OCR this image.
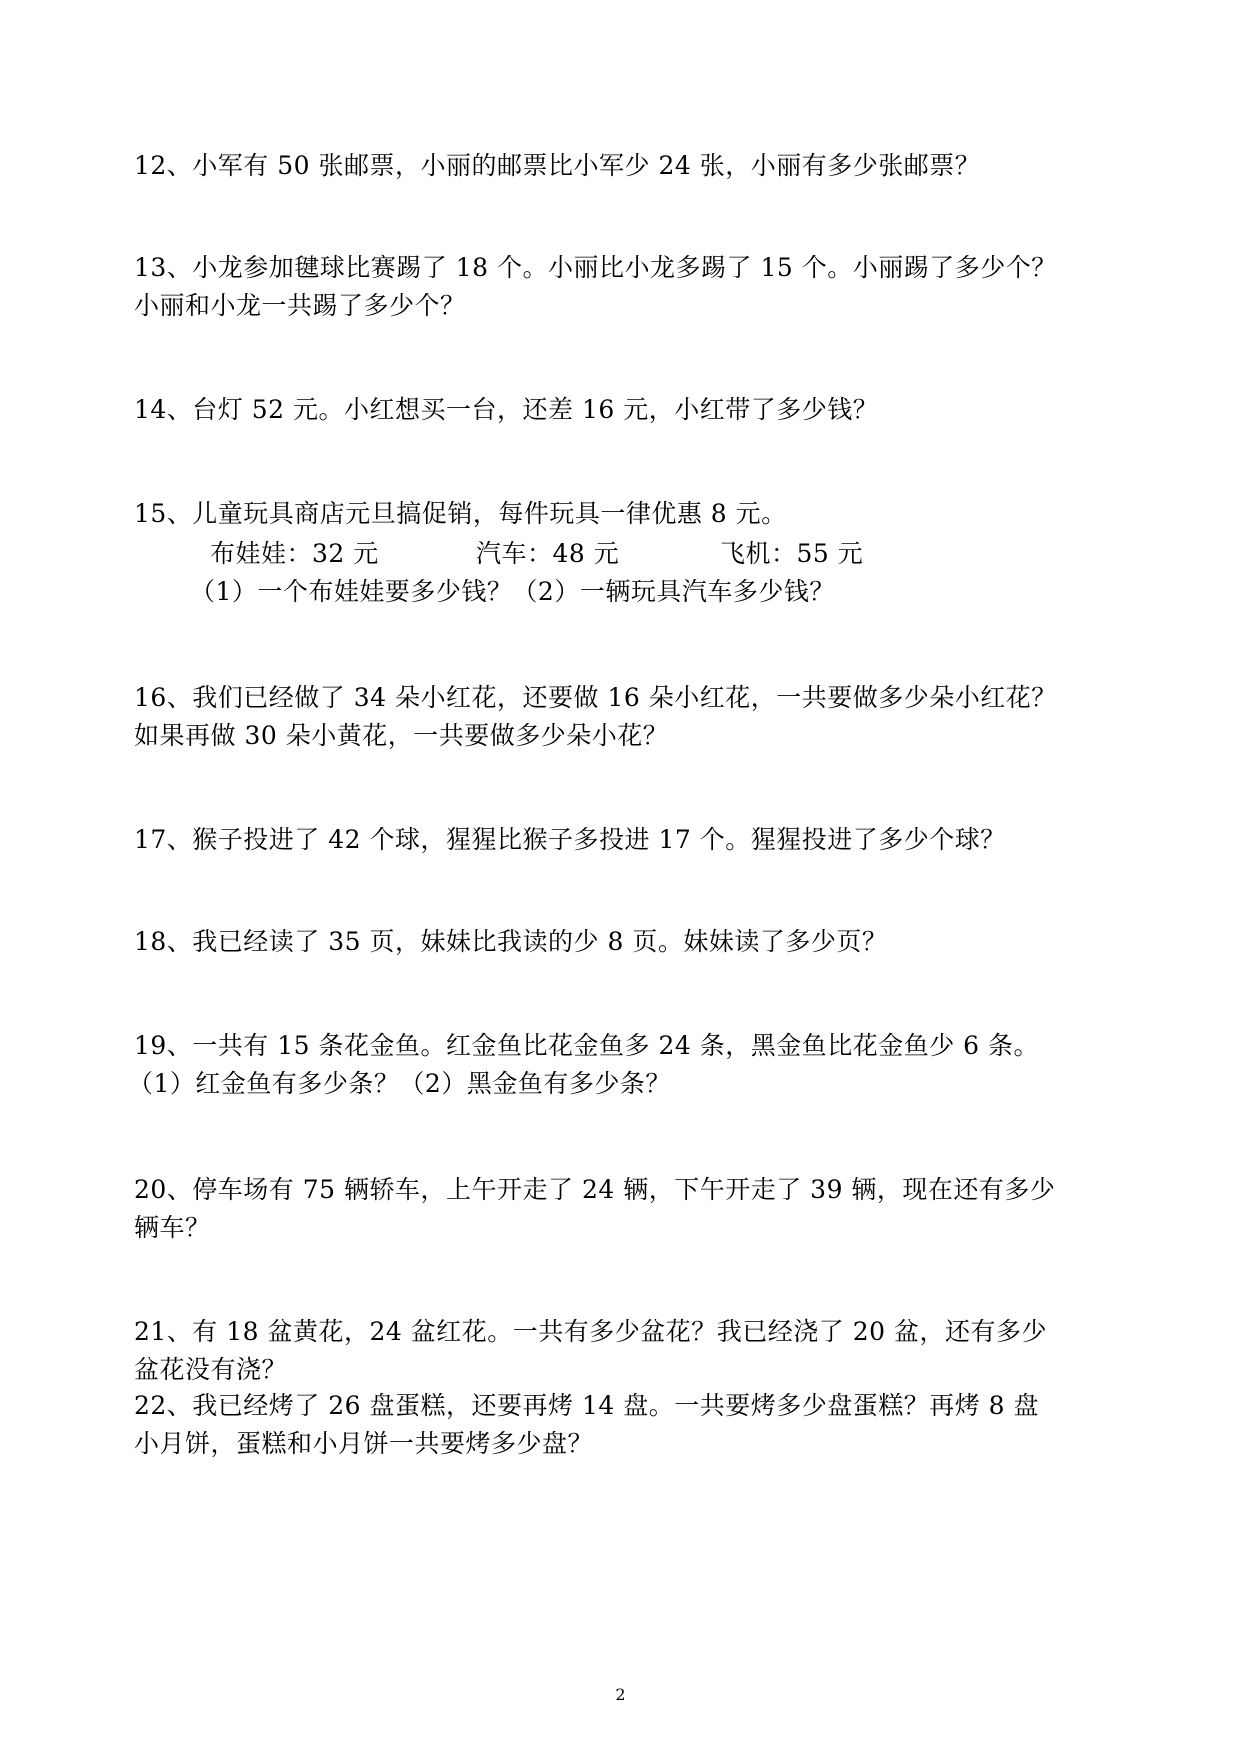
12、小军有 50 张邮票，小丽的邮票比小军少 24 张，小丽有多少张邮票？

13、小龙参加毽球比赛踢了 18 个。小丽比小龙多踢了 15 个。小丽踢了多少个？

小丽和小龙一共踢了多少个？

14、台灯 52 元。小红想买一台，还差 16 元，小红带了多少钱？

15、儿童玩具商店元旦搞促销，每件玩具一律优惠 8 元。

布娃娃：32 元	汽车：48 元	飞机：55 元

（1）一个布娃娃要多少钱？（2）一辆玩具汽车多少钱？

16、我们已经做了 34 朵小红花，还要做 16 朵小红花，一共要做多少朵小红花？

如果再做 30 朵小黄花，一共要做多少朵小花？

17、猴子投进了 42 个球，猩猩比猴子多投进 17 个。猩猩投进了多少个球？

18、我已经读了 35 页，妹妹比我读的少 8 页。妹妹读了多少页？

19、一共有 15 条花金鱼。红金鱼比花金鱼多 24 条，黑金鱼比花金鱼少 6 条。

（1）红金鱼有多少条？（2）黑金鱼有多少条？

20、停车场有 75 辆轿车，上午开走了 24 辆，下午开走了 39 辆，现在还有多少

辆车？

21、有 18 盆黄花，24 盆红花。一共有多少盆花？我已经浇了 20 盆，还有多少

盆花没有浇？

22、我已经烤了 26 盘蛋糕，还要再烤 14 盘。一共要烤多少盘蛋糕？再烤 8 盘

小月饼，蛋糕和小月饼一共要烤多少盘？

2
